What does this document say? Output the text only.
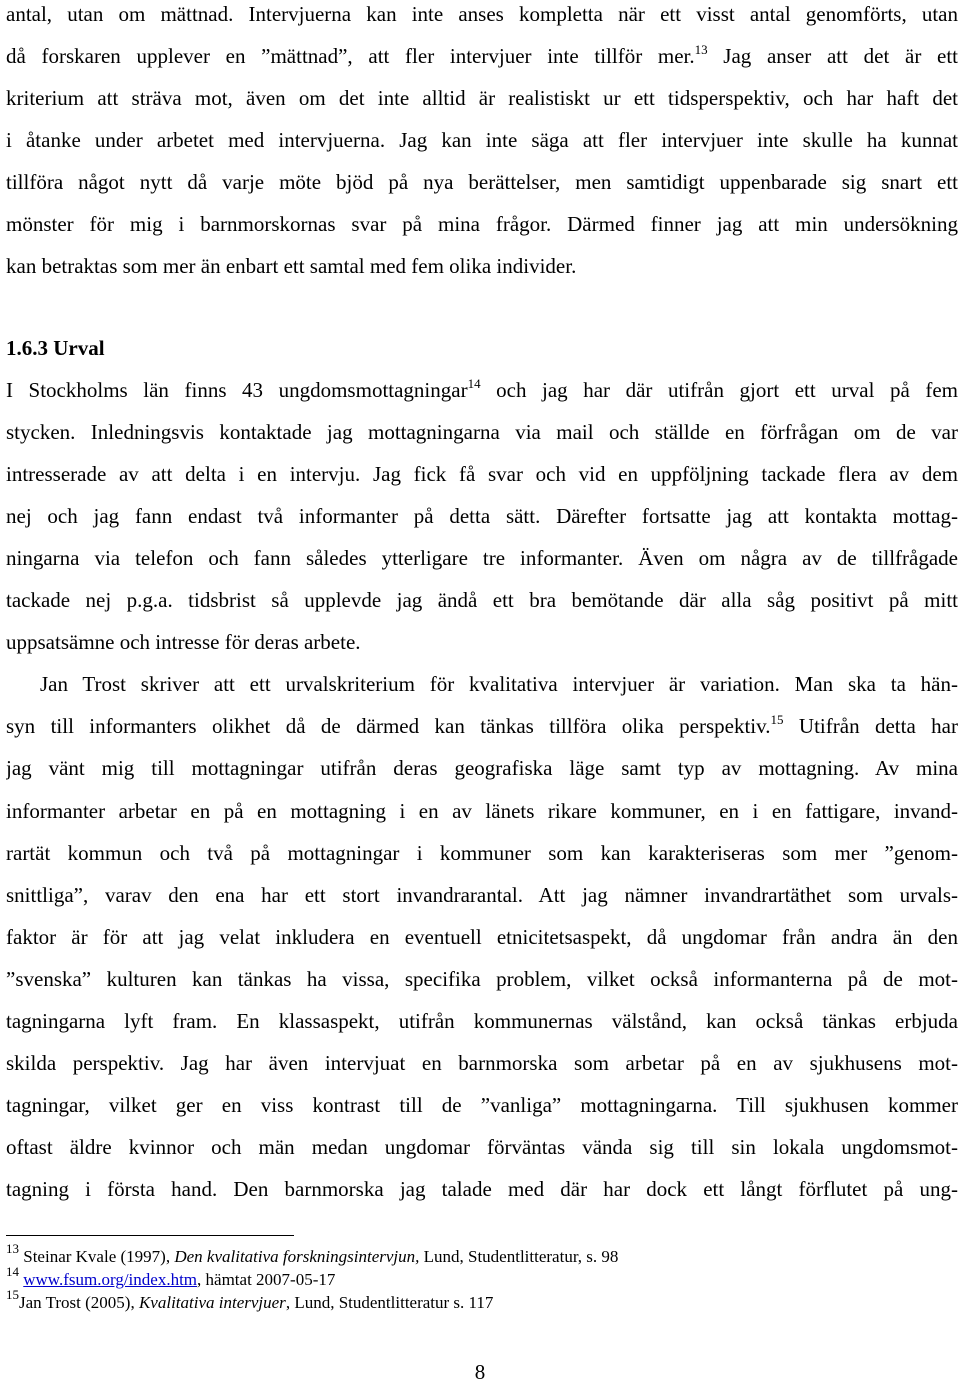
antal, utan om mättnad. Intervjuerna kan inte anses kompletta när ett visst antal genomförts, utan
då forskaren upplever en ”mättnad”, att fler intervjuer inte tillför mer.$^{13}$ Jag anser att det är ett
kriterium att sträva mot, även om det inte alltid är realistiskt ur ett tidsperspektiv, och har haft det
i åtanke under arbetet med intervjuerna. Jag kan inte säga att fler intervjuer inte skulle ha kunnat
tillföra något nytt då varje möte bjöd på nya berättelser, men samtidigt uppenbarade sig snart ett
mönster för mig i barnmorskornas svar på mina frågor. Därmed finner jag att min undersökning
kan betraktas som mer än enbart ett samtal med fem olika individer.
1.6.3 Urval
I Stockholms län finns 43 ungdomsmottagningar$^{14}$ och jag har där utifrån gjort ett urval på fem
stycken. Inledningsvis kontaktade jag mottagningarna via mail och ställde en förfrågan om de var
intresserade av att delta i en intervju. Jag fick få svar och vid en uppföljning tackade flera av dem
nej och jag fann endast två informanter på detta sätt. Därefter fortsatte jag att kontakta mottag-
ningarna via telefon och fann således ytterligare tre informanter. Även om några av de tillfrågade
tackade nej p.g.a. tidsbrist så upplevde jag ändå ett bra bemötande där alla såg positivt på mitt
uppsatsämne och intresse för deras arbete.
Jan Trost skriver att ett urvalskriterium för kvalitativa intervjuer är variation. Man ska ta hän-
syn till informanters olikhet då de därmed kan tänkas tillföra olika perspektiv.$^{15}$ Utifrån detta har
jag vänt mig till mottagningar utifrån deras geografiska läge samt typ av mottagning. Av mina
informanter arbetar en på en mottagning i en av länets rikare kommuner, en i en fattigare, invand-
rartät kommun och två på mottagningar i kommuner som kan karakteriseras som mer ”genom-
snittliga”, varav den ena har ett stort invandrarantal. Att jag nämner invandrartäthet som urvals-
faktor är för att jag velat inkludera en eventuell etnicitetsaspekt, då ungdomar från andra än den
”svenska” kulturen kan tänkas ha vissa, specifika problem, vilket också informanterna på de mot-
tagningarna lyft fram. En klassaspekt, utifrån kommunernas välstånd, kan också tänkas erbjuda
skilda perspektiv. Jag har även intervjuat en barnmorska som arbetar på en av sjukhusens mot-
tagningar, vilket ger en viss kontrast till de ”vanliga” mottagningarna. Till sjukhusen kommer
oftast äldre kvinnor och män medan ungdomar förväntas vända sig till sin lokala ungdomsmot-
tagning i första hand. Den barnmorska jag talade med där har dock ett långt förflutet på ung-
$^{13}$ Steinar Kvale (1997), Den kvalitativa forskningsintervjun, Lund, Studentlitteratur, s. 98
$^{14}$ www.fsum.org/index.htm, hämtat 2007-05-17
$^{15}$Jan Trost (2005), Kvalitativa intervjuer, Lund, Studentlitteratur s. 117
8
